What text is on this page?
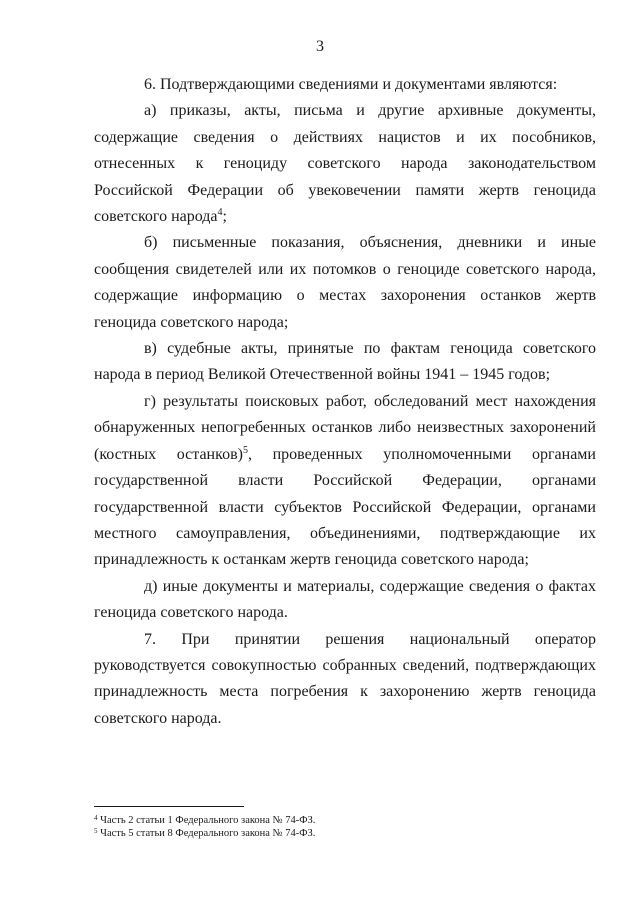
3

6. Подтверждающими сведениями и документами являются:

а) приказы, акты, письма и другие архивные документы, содержащие сведения о действиях нацистов и их пособников, отнесенных к геноциду советского народа законодательством Российской Федерации об увековечении памяти жертв геноцида советского народа$^4$;

б) письменные показания, объяснения, дневники и иные сообщения свидетелей или их потомков о геноциде советского народа, содержащие информацию о местах захоронения останков жертв геноцида советского народа;

в) судебные акты, принятые по фактам геноцида советского народа в период Великой Отечественной войны 1941 – 1945 годов;

г) результаты поисковых работ, обследований мест нахождения обнаруженных непогребенных останков либо неизвестных захоронений (костных останков)$^5$, проведенных уполномоченными органами государственной власти Российской Федерации, органами государственной власти субъектов Российской Федерации, органами местного самоуправления, объединениями, подтверждающие их принадлежность к останкам жертв геноцида советского народа;

д) иные документы и материалы, содержащие сведения о фактах геноцида советского народа.

7. При принятии решения национальный оператор руководствуется совокупностью собранных сведений, подтверждающих принадлежность места погребения к захоронению жертв геноцида советского народа.

$^4$ Часть 2 статьи 1 Федерального закона № 74-ФЗ.

$^5$ Часть 5 статьи 8 Федерального закона № 74-ФЗ.
